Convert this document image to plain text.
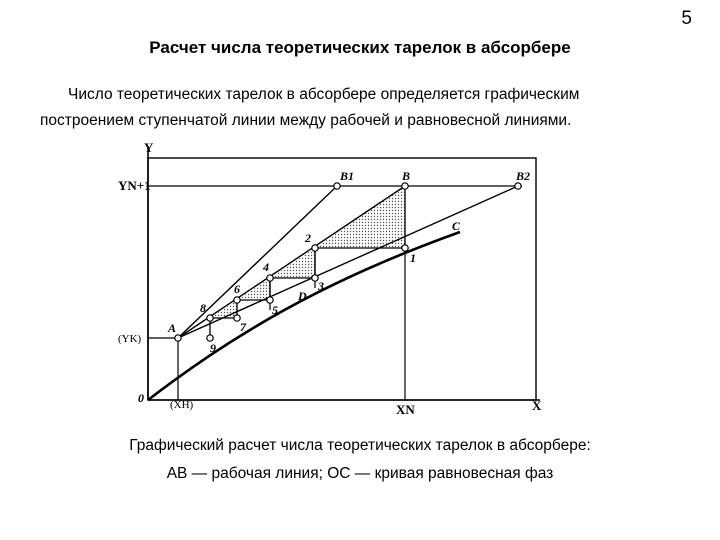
5
Расчет числа теоретических тарелок в абсорбере
Число теоретических тарелок в абсорбере определяется графическим
построением ступенчатой линии между рабочей и равновесной линиями.
Y
X
0
YN+1
(YK)
XN
(XH)
A
B
B1	B2
C
D
1
2
3
4
5
6
7
8
9
Графический расчет числа теоретических тарелок в абсорбере:
АВ — рабочая линия; ОС — кривая равновесная фаз
